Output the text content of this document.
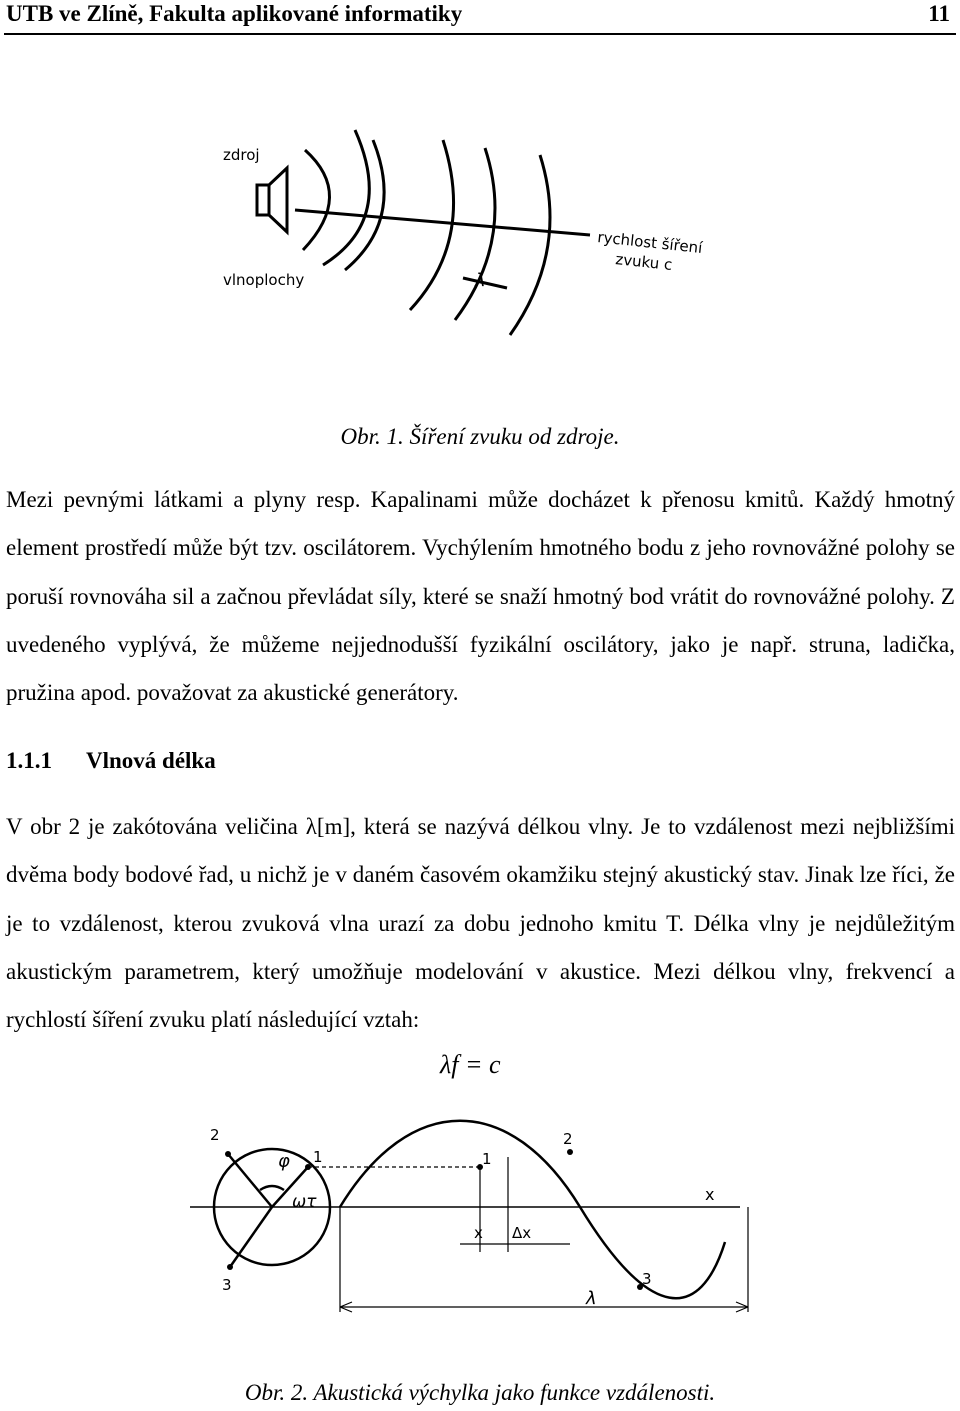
UTB ve Zlíně, Fakulta aplikované informatiky	11
zdroj
vlnoplochy
rychlost šíření
zvuku c
λ
Obr. 1. Šíření zvuku od zdroje.
Mezi pevnými látkami a plyny resp. Kapalinami může docházet k přenosu kmitů. Každý hmotný element prostředí může být tzv. oscilátorem. Vychýlením hmotného bodu z jeho rovnovážné polohy se poruší rovnováha sil a začnou převládat síly, které se snaží hmotný bod vrátit do rovnovážné polohy. Z uvedeného vyplývá, že můžeme nejjednodušší fyzikální oscilátory, jako je např. struna, ladička, pružina apod. považovat za akustické generátory.
1.1.1 Vlnová délka
V obr 2 je zakótována veličina λ[m], která se nazývá délkou vlny. Je to vzdálenost mezi nejbližšími dvěma body bodové řad, u nichž je v daném časovém okamžiku stejný akustický stav. Jinak lze říci, že je to vzdálenost, kterou zvuková vlna urazí za dobu jednoho kmitu T. Délka vlny je nejdůležitým akustickým parametrem, který umožňuje modelování v akustice. Mezi délkou vlny, frekvencí a rychlostí šíření zvuku platí následující vztah:
λf = c
2
1
3
φ
ωτ
1
2
3
x
x Δx
λ
Obr. 2. Akustická výchylka jako funkce vzdálenosti.
